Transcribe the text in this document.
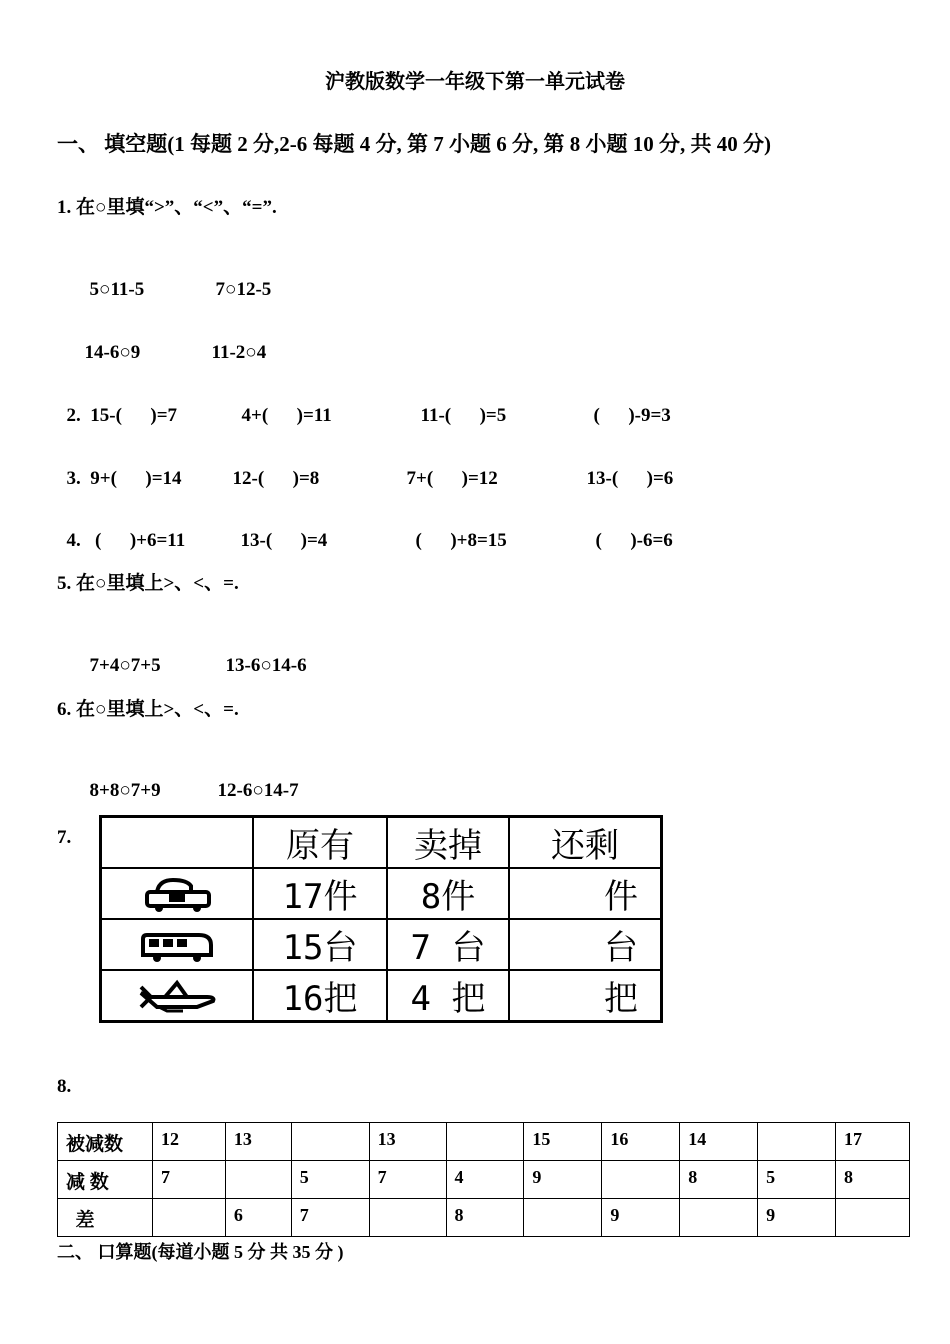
沪教版数学一年级下第一单元试卷
一、 填空题(1 每题 2 分,2-6 每题 4 分, 第 7 小题 6 分, 第 8 小题 10 分, 共 40 分)
1. 在○里填“>”、“<”、“=”.

5○11-5	7○12-5

14-6○9	11-2○4

2.  15-(      )=7	4+(      )=11	11-(      )=5	(      )-9=3

3.  9+(      )=14	12-(      )=8	7+(      )=12	13-(      )=6

4.   (      )+6=11	13-(      )=4	(      )+8=15	(      )-6=6

5. 在○里填上>、<、=.

7+4○7+5	13-6○14-6

6. 在○里填上>、<、=.

8+8○7+9	12-6○14-7

7.
		原有	卖掉	还剩

	17件	8件	件

	15台	7 台	台

	16把	4 把	把
8.
被减数	12	13		13		15	16	14		17
减 数	7		5	7	4	9		8	5	8
差		6	7		8		9		9	
二、 口算题(每道小题 5 分 共 35 分 )
